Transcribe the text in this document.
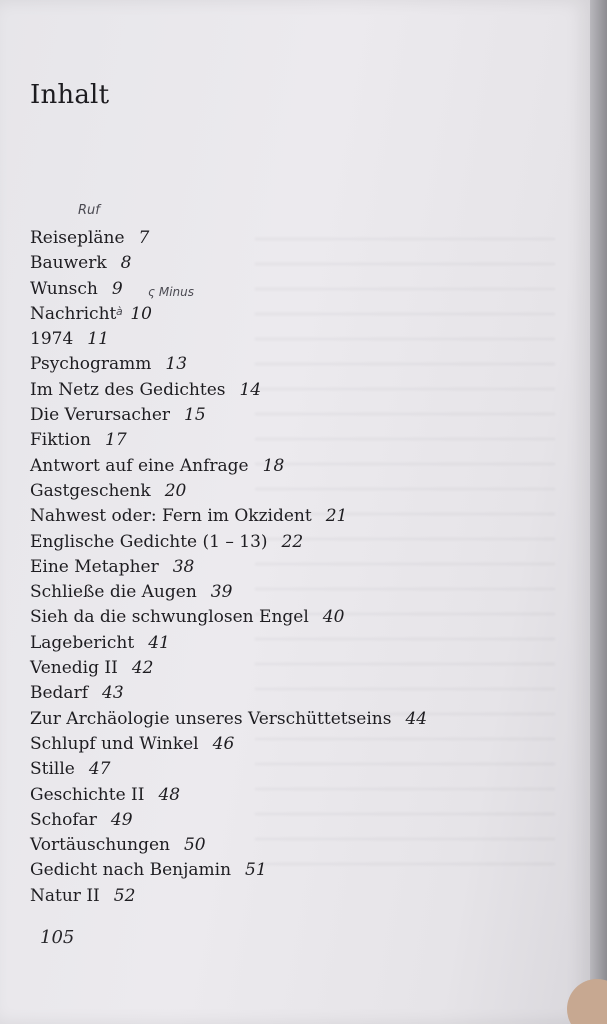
Inhalt
Ruf
ς Minus
à
Reisepläne 7
Bauwerk 8
Wunsch 9
Nachricht 10
1974 11
Psychogramm 13
Im Netz des Gedichtes 14
Die Verursacher 15
Fiktion 17
Antwort auf eine Anfrage 18
Gastgeschenk 20
Nahwest oder: Fern im Okzident 21
Englische Gedichte (1 – 13) 22
Eine Metapher 38
Schließe die Augen 39
Sieh da die schwunglosen Engel 40
Lagebericht 41
Venedig II 42
Bedarf 43
Zur Archäologie unseres Verschüttetseins 44
Schlupf und Winkel 46
Stille 47
Geschichte II 48
Schofar 49
Vortäuschungen 50
Gedicht nach Benjamin 51
Natur II 52
105
